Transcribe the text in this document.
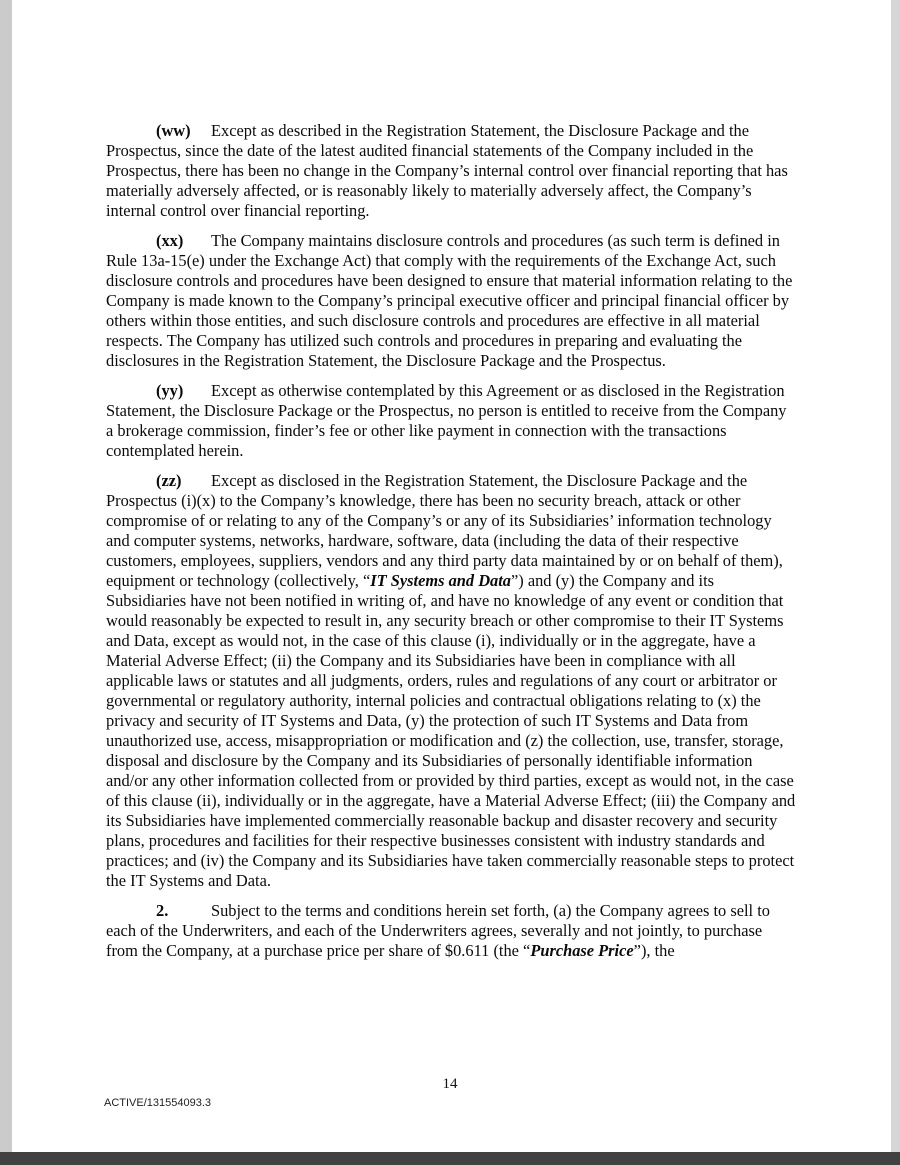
(ww) Except as described in the Registration Statement, the Disclosure Package and the Prospectus, since the date of the latest audited financial statements of the Company included in the Prospectus, there has been no change in the Company’s internal control over financial reporting that has materially adversely affected, or is reasonably likely to materially adversely affect, the Company’s internal control over financial reporting.

(xx) The Company maintains disclosure controls and procedures (as such term is defined in Rule 13a-15(e) under the Exchange Act) that comply with the requirements of the Exchange Act, such disclosure controls and procedures have been designed to ensure that material information relating to the Company is made known to the Company’s principal executive officer and principal financial officer by others within those entities, and such disclosure controls and procedures are effective in all material respects. The Company has utilized such controls and procedures in preparing and evaluating the disclosures in the Registration Statement, the Disclosure Package and the Prospectus.

(yy) Except as otherwise contemplated by this Agreement or as disclosed in the Registration Statement, the Disclosure Package or the Prospectus, no person is entitled to receive from the Company a brokerage commission, finder’s fee or other like payment in connection with the transactions contemplated herein.

(zz) Except as disclosed in the Registration Statement, the Disclosure Package and the Prospectus (i)(x) to the Company’s knowledge, there has been no security breach, attack or other compromise of or relating to any of the Company’s or any of its Subsidiaries’ information technology and computer systems, networks, hardware, software, data (including the data of their respective customers, employees, suppliers, vendors and any third party data maintained by or on behalf of them), equipment or technology (collectively, “IT Systems and Data”) and (y) the Company and its Subsidiaries have not been notified in writing of, and have no knowledge of any event or condition that would reasonably be expected to result in, any security breach or other compromise to their IT Systems and Data, except as would not, in the case of this clause (i), individually or in the aggregate, have a Material Adverse Effect; (ii) the Company and its Subsidiaries have been in compliance with all applicable laws or statutes and all judgments, orders, rules and regulations of any court or arbitrator or governmental or regulatory authority, internal policies and contractual obligations relating to (x) the privacy and security of IT Systems and Data, (y) the protection of such IT Systems and Data from unauthorized use, access, misappropriation or modification and (z) the collection, use, transfer, storage, disposal and disclosure by the Company and its Subsidiaries of personally identifiable information and/or any other information collected from or provided by third parties, except as would not, in the case of this clause (ii), individually or in the aggregate, have a Material Adverse Effect; (iii) the Company and its Subsidiaries have implemented commercially reasonable backup and disaster recovery and security plans, procedures and facilities for their respective businesses consistent with industry standards and practices; and (iv) the Company and its Subsidiaries have taken commercially reasonable steps to protect the IT Systems and Data.

2.	Subject to the terms and conditions herein set forth, (a) the Company agrees to sell to each of the Underwriters, and each of the Underwriters agrees, severally and not jointly, to purchase from the Company, at a purchase price per share of $0.611 (the “Purchase Price”), the

14
ACTIVE/131554093.3
